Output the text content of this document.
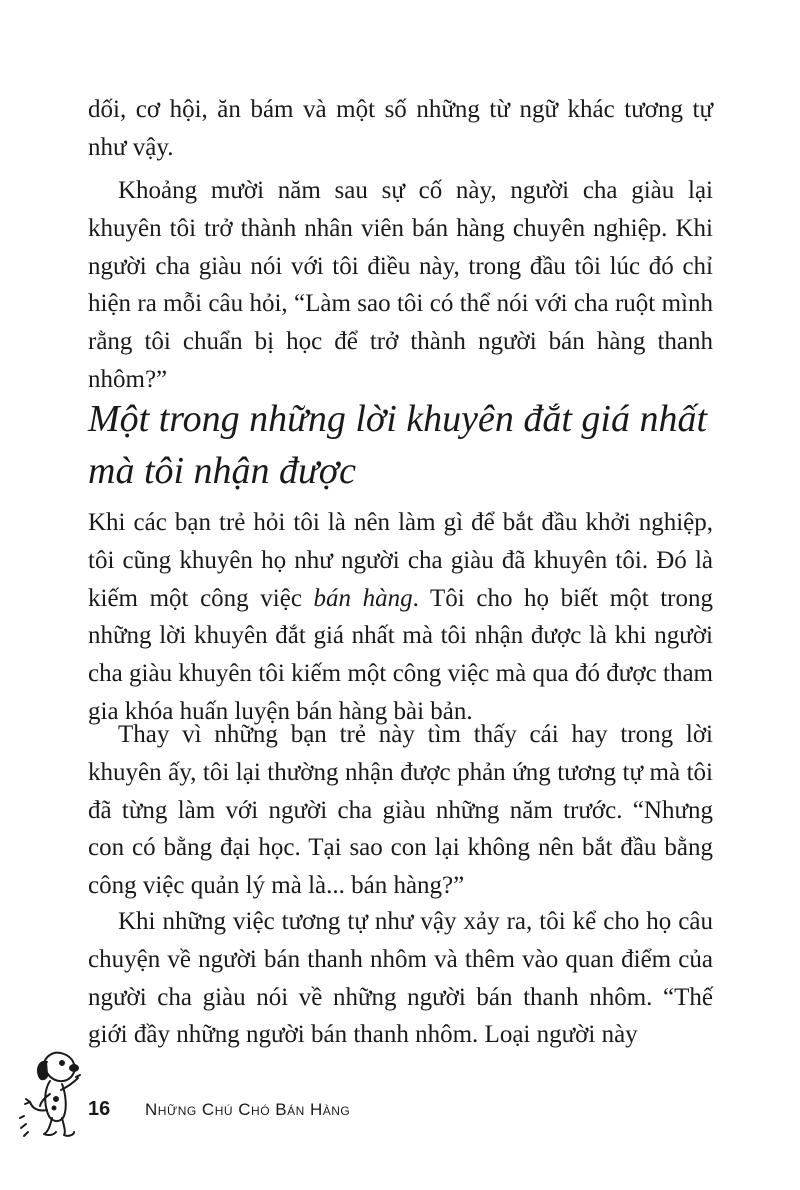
dối, cơ hội, ăn bám và một số những từ ngữ khác tương tự như vậy.

Khoảng mười năm sau sự cố này, người cha giàu lại khuyên tôi trở thành nhân viên bán hàng chuyên nghiệp. Khi người cha giàu nói với tôi điều này, trong đầu tôi lúc đó chỉ hiện ra mỗi câu hỏi, “Làm sao tôi có thể nói với cha ruột mình rằng tôi chuẩn bị học để trở thành người bán hàng thanh nhôm?”

Một trong những lời khuyên đắt giá nhất
mà tôi nhận được

Khi các bạn trẻ hỏi tôi là nên làm gì để bắt đầu khởi nghiệp, tôi cũng khuyên họ như người cha giàu đã khuyên tôi. Đó là kiếm một công việc bán hàng. Tôi cho họ biết một trong những lời khuyên đắt giá nhất mà tôi nhận được là khi người cha giàu khuyên tôi kiếm một công việc mà qua đó được tham gia khóa huấn luyện bán hàng bài bản.

Thay vì những bạn trẻ này tìm thấy cái hay trong lời khuyên ấy, tôi lại thường nhận được phản ứng tương tự mà tôi đã từng làm với người cha giàu những năm trước. “Nhưng con có bằng đại học. Tại sao con lại không nên bắt đầu bằng công việc quản lý mà là... bán hàng?”

Khi những việc tương tự như vậy xảy ra, tôi kể cho họ câu chuyện về người bán thanh nhôm và thêm vào quan điểm của người cha giàu nói về những người bán thanh nhôm. “Thế giới đầy những người bán thanh nhôm. Loại người này

16 Những Chú Chó Bán Hàng
